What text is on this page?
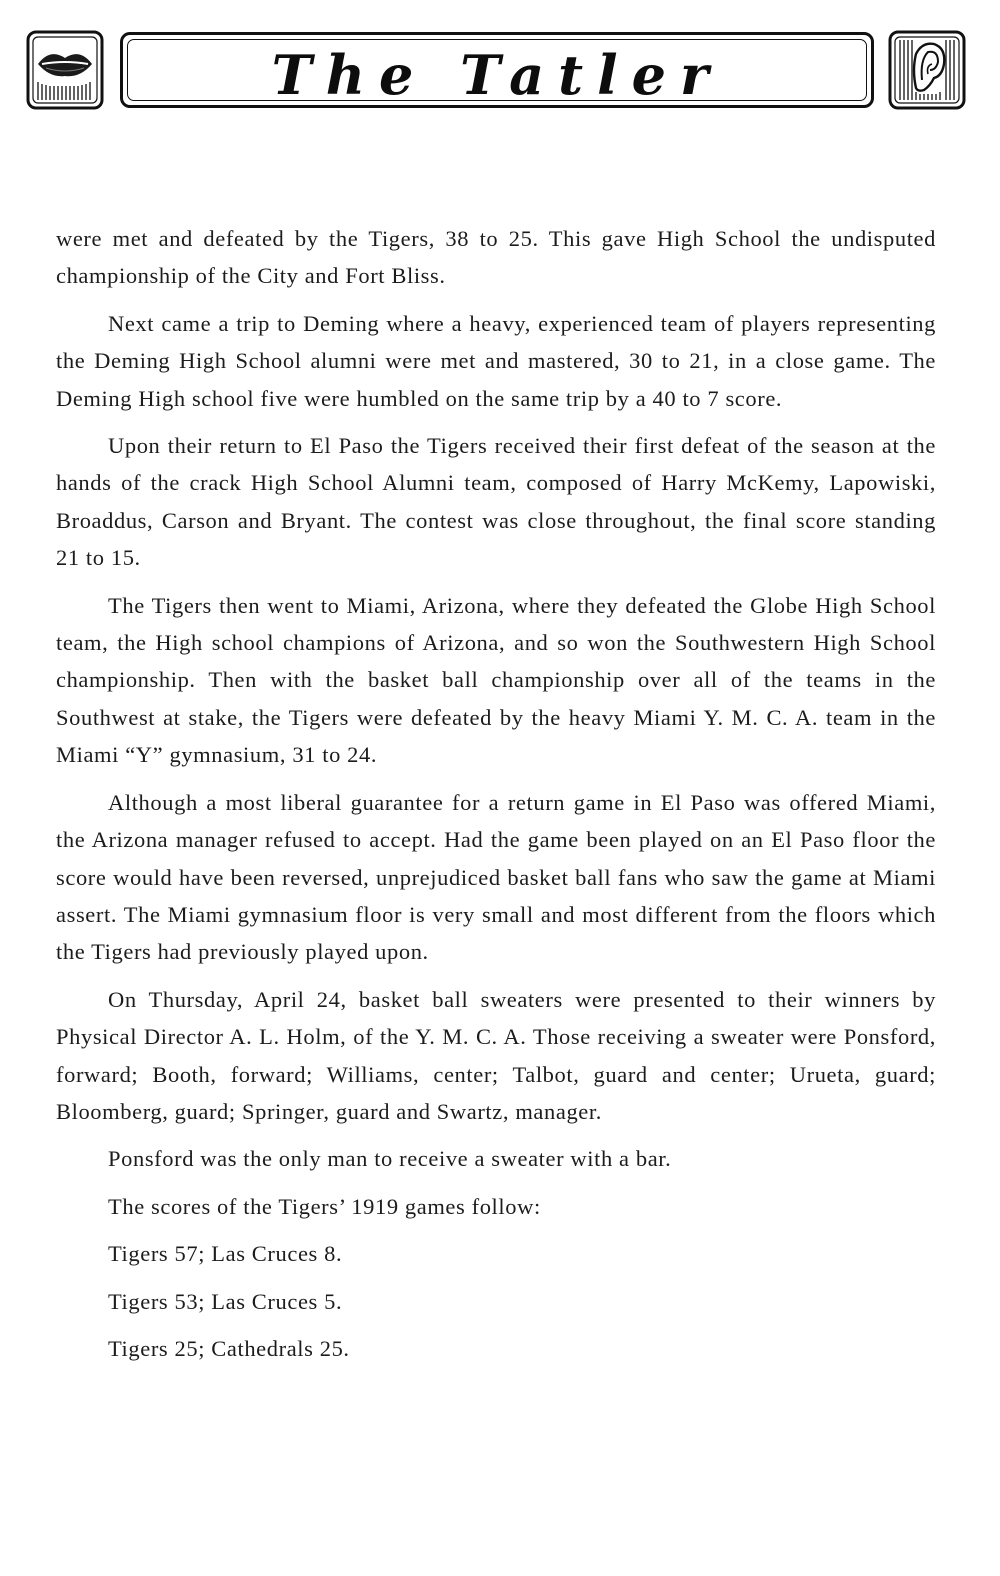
The Tatler

were met and defeated by the Tigers, 38 to 25. This gave High School the undisputed championship of the City and Fort Bliss.

Next came a trip to Deming where a heavy, experienced team of players representing the Deming High School alumni were met and mastered, 30 to 21, in a close game. The Deming High school five were humbled on the same trip by a 40 to 7 score.

Upon their return to El Paso the Tigers received their first defeat of the season at the hands of the crack High School Alumni team, composed of Harry McKemy, Lapowiski, Broaddus, Carson and Bryant. The contest was close throughout, the final score standing 21 to 15.

The Tigers then went to Miami, Arizona, where they defeated the Globe High School team, the High school champions of Arizona, and so won the Southwestern High School championship. Then with the basket ball championship over all of the teams in the Southwest at stake, the Tigers were defeated by the heavy Miami Y. M. C. A. team in the Miami “Y” gymnasium, 31 to 24.

Although a most liberal guarantee for a return game in El Paso was offered Miami, the Arizona manager refused to accept. Had the game been played on an El Paso floor the score would have been reversed, unprejudiced basket ball fans who saw the game at Miami assert. The Miami gymnasium floor is very small and most different from the floors which the Tigers had previously played upon.

On Thursday, April 24, basket ball sweaters were presented to their winners by Physical Director A. L. Holm, of the Y. M. C. A. Those receiving a sweater were Ponsford, forward; Booth, forward; Williams, center; Talbot, guard and center; Urueta, guard; Bloomberg, guard; Springer, guard and Swartz, manager.

Ponsford was the only man to receive a sweater with a bar.

The scores of the Tigers’ 1919 games follow:

Tigers 57; Las Cruces 8.

Tigers 53; Las Cruces 5.

Tigers 25; Cathedrals 25.
